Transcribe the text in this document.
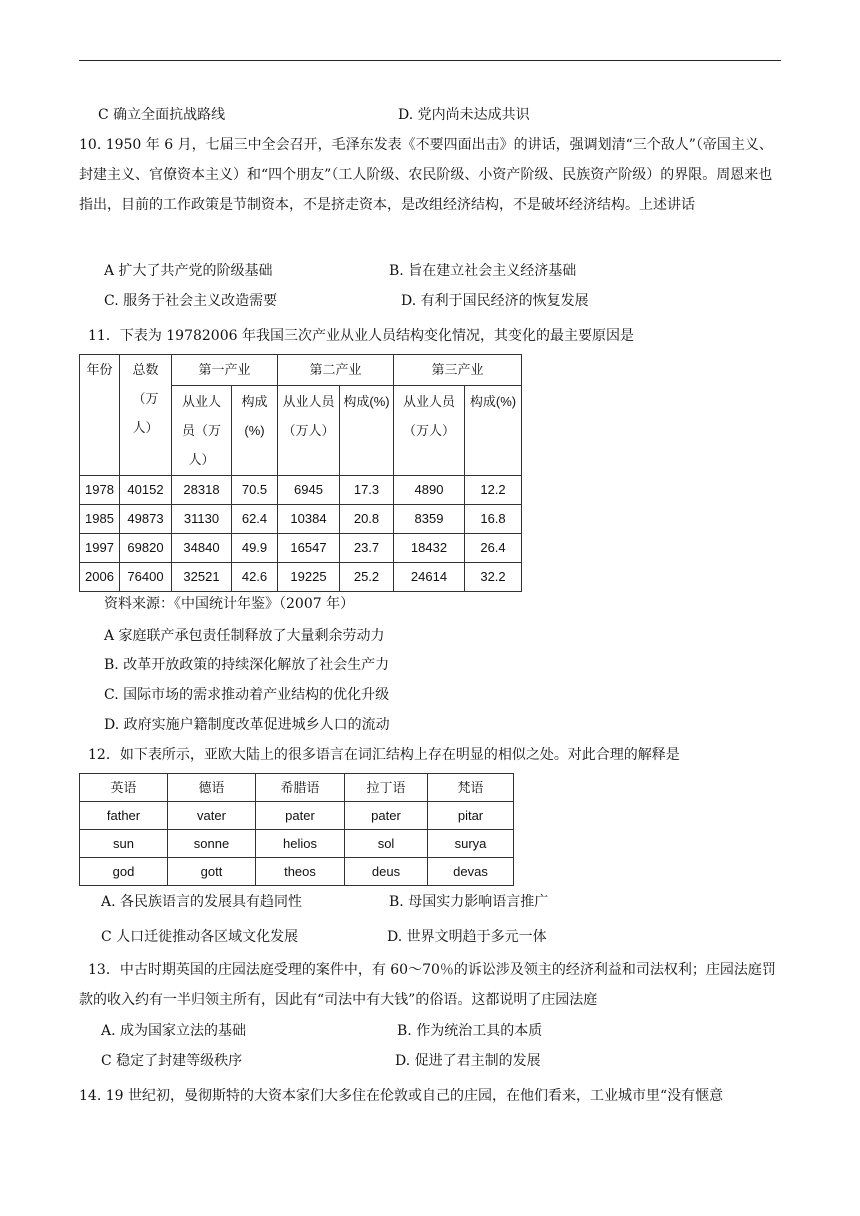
C 确立全面抗战路线	D. 党内尚未达成共识
10. 1950 年 6 月，七届三中全会召开，毛泽东发表《不要四面出击》的讲话，强调划清“三个敌人”（帝国主义、封建主义、官僚资本主义）和“四个朋友”（工人阶级、农民阶级、小资产阶级、民族资产阶级）的界限。周恩来也指出，目前的工作政策是节制资本，不是挤走资本，是改组经济结构，不是破坏经济结构。上述讲话
A 扩大了共产党的阶级基础	B. 旨在建立社会主义经济基础
C. 服务于社会主义改造需要	D. 有利于国民经济的恢复发展
11．下表为 19782006 年我国三次产业从业人员结构变化情况，其变化的最主要原因是
年份	总数（万人）	第一产业		第二产业		第三产业	

		从业人员（万人）	构成(%)	从业人员（万人）	构成(%)	从业人员（万人）	构成(%)
1978	40152	28318	70.5	6945	17.3	4890	12.2
1985	49873	31130	62.4	10384	20.8	8359	16.8
1997	69820	34840	49.9	16547	23.7	18432	26.4
2006	76400	32521	42.6	19225	25.2	24614	32.2
资料来源：《中国统计年鉴》（2007 年）
A 家庭联产承包责任制释放了大量剩余劳动力
B. 改革开放政策的持续深化解放了社会生产力
C. 国际市场的需求推动着产业结构的优化升级
D. 政府实施户籍制度改革促进城乡人口的流动
12．如下表所示，亚欧大陆上的很多语言在词汇结构上存在明显的相似之处。对此合理的解释是
英语	德语	希腊语	拉丁语	梵语
father	vater	pater	pater	pitar
sun	sonne	helios	sol	surya
god	gott	theos	deus	devas
A. 各民族语言的发展具有趋同性	B. 母国实力影响语言推广
C 人口迁徙推动各区域文化发展	D. 世界文明趋于多元一体
13．中古时期英国的庄园法庭受理的案件中，有 60～70％的诉讼涉及领主的经济利益和司法权利；庄园法庭罚款的收入约有一半归领主所有，因此有“司法中有大钱”的俗语。这都说明了庄园法庭
A. 成为国家立法的基础	B. 作为统治工具的本质
C 稳定了封建等级秩序	D. 促进了君主制的发展
14. 19 世纪初，曼彻斯特的大资本家们大多住在伦敦或自己的庄园，在他们看来，工业城市里“没有惬意
